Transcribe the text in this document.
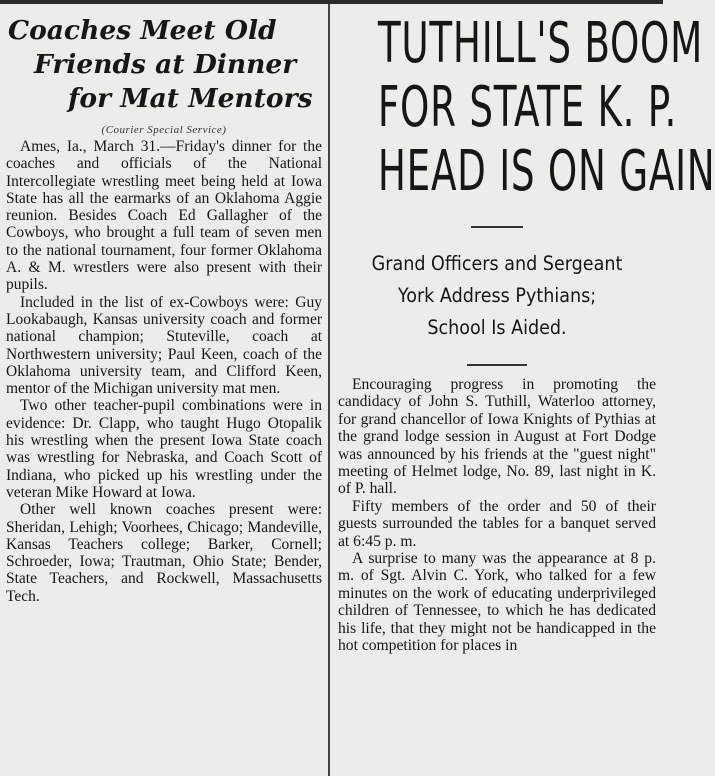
Coaches Meet Old
Friends at Dinner
for Mat Mentors
(Courier Special Service)

Ames, Ia., March 31.—Friday's dinner for the coaches and officials of the National Intercollegiate wrestling meet being held at Iowa State has all the earmarks of an Oklahoma Aggie reunion. Besides Coach Ed Gallagher of the Cowboys, who brought a full team of seven men to the national tournament, four former Oklahoma A. & M. wrestlers were also present with their pupils.

Included in the list of ex-Cowboys were: Guy Lookabaugh, Kansas university coach and former national champion; Stuteville, coach at Northwestern university; Paul Keen, coach of the Oklahoma university team, and Clifford Keen, mentor of the Michigan university mat men.

Two other teacher-pupil combinations were in evidence: Dr. Clapp, who taught Hugo Otopalik his wrestling when the present Iowa State coach was wrestling for Nebraska, and Coach Scott of Indiana, who picked up his wrestling under the veteran Mike Howard at Iowa.

Other well known coaches present were: Sheridan, Lehigh; Voorhees, Chicago; Mandeville, Kansas Teachers college; Barker, Cornell; Schroeder, Iowa; Trautman, Ohio State; Bender, State Teachers, and Rockwell, Massachusetts Tech.

TUTHILL'S BOOM
FOR STATE K. P.
HEAD IS ON GAIN
Grand Officers and Sergeant
York Address Pythians;
School Is Aided.

Encouraging progress in promoting the candidacy of John S. Tuthill, Waterloo attorney, for grand chancellor of Iowa Knights of Pythias at the grand lodge session in August at Fort Dodge was announced by his friends at the "guest night" meeting of Helmet lodge, No. 89, last night in K. of P. hall.

Fifty members of the order and 50 of their guests surrounded the tables for a banquet served at 6:45 p. m.

A surprise to many was the appearance at 8 p. m. of Sgt. Alvin C. York, who talked for a few minutes on the work of educating underprivileged children of Tennessee, to which he has dedicated his life, that they might not be handicapped in the hot competition for places in
